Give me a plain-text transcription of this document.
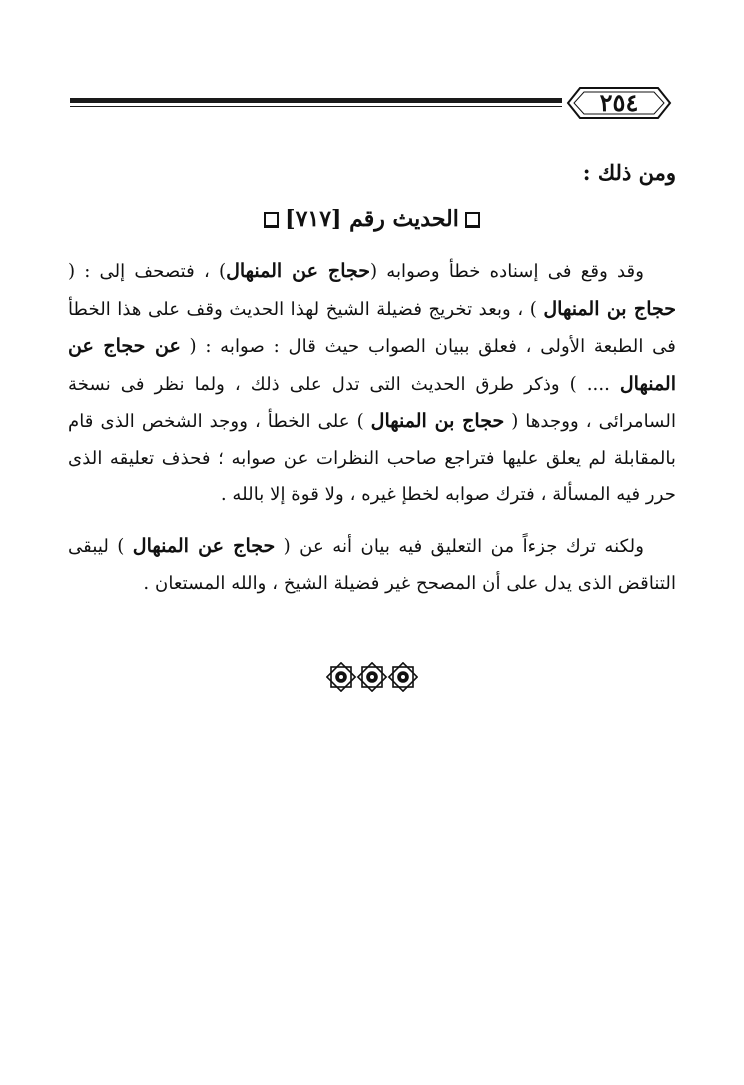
٢٥٤
ومن ذلك :
الحديث رقم [٧١٧]
وقد وقع فى إسناده خطأ وصوابه (حجاج عن المنهال) ، فتصحف إلى : ( حجاج بن المنهال ) ، وبعد تخريج فضيلة الشيخ لهذا الحديث وقف على هذا الخطأ فى الطبعة الأولى ، فعلق ببيان الصواب حيث قال : صوابه : ( عن حجاج عن المنهال .... ) وذكر طرق الحديث التى تدل على ذلك ، ولما نظر فى نسخة السامرائى ، ووجدها ( حجاج بن المنهال ) على الخطأ ، ووجد الشخص الذى قام بالمقابلة لم يعلق عليها فتراجع صاحب النظرات عن صوابه ؛ فحذف تعليقه الذى حرر فيه المسألة ، فترك صوابه لخطإ غيره ، ولا قوة إلا بالله .
ولكنه ترك جزءاً من التعليق فيه بيان أنه عن ( حجاج عن المنهال ) ليبقى التناقض الذى يدل على أن المصحح غير فضيلة الشيخ ، والله المستعان .
